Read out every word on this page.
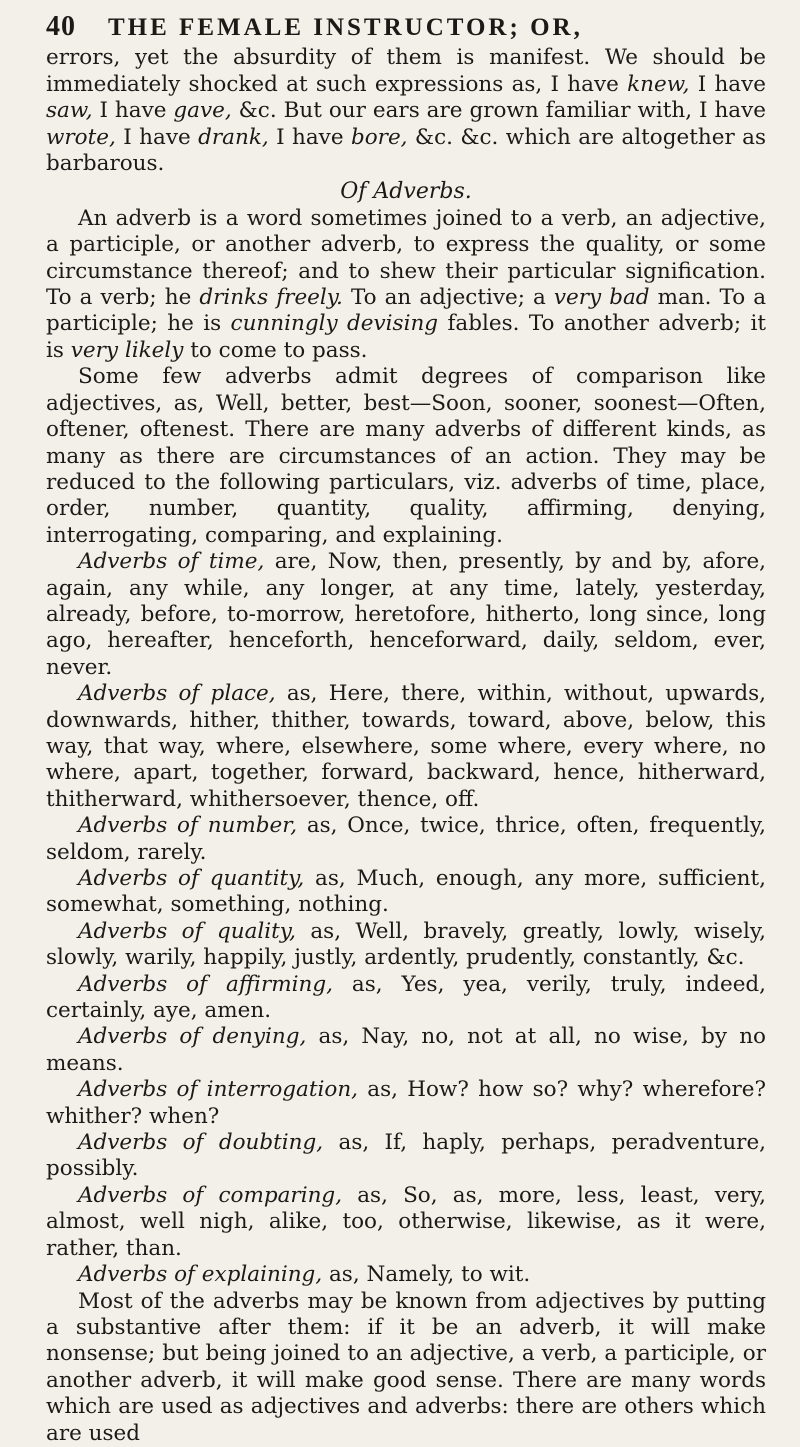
40	THE FEMALE INSTRUCTOR; OR,

errors, yet the absurdity of them is manifest. We should be immediately shocked at such expressions as, I have knew, I have saw, I have gave, &c. But our ears are grown familiar with, I have wrote, I have drank, I have bore, &c. &c. which are altogether as barbarous.

Of Adverbs.

An adverb is a word sometimes joined to a verb, an adjective, a participle, or another adverb, to express the quality, or some circumstance thereof; and to shew their particular signification. To a verb; he drinks freely. To an adjective; a very bad man. To a participle; he is cunningly devising fables. To another adverb; it is very likely to come to pass.

Some few adverbs admit degrees of comparison like adjectives, as, Well, better, best—Soon, sooner, soonest—Often, oftener, oftenest. There are many adverbs of different kinds, as many as there are circumstances of an action. They may be reduced to the following particulars, viz. adverbs of time, place, order, number, quantity, quality, affirming, denying, interrogating, comparing, and explaining.

Adverbs of time, are, Now, then, presently, by and by, afore, again, any while, any longer, at any time, lately, yesterday, already, before, to-morrow, heretofore, hitherto, long since, long ago, hereafter, henceforth, henceforward, daily, seldom, ever, never.

Adverbs of place, as, Here, there, within, without, upwards, downwards, hither, thither, towards, toward, above, below, this way, that way, where, elsewhere, some where, every where, no where, apart, together, forward, backward, hence, hitherward, thitherward, whithersoever, thence, off.

Adverbs of number, as, Once, twice, thrice, often, frequently, seldom, rarely.

Adverbs of quantity, as, Much, enough, any more, sufficient, somewhat, something, nothing.

Adverbs of quality, as, Well, bravely, greatly, lowly, wisely, slowly, warily, happily, justly, ardently, prudently, constantly, &c.

Adverbs of affirming, as, Yes, yea, verily, truly, indeed, certainly, aye, amen.

Adverbs of denying, as, Nay, no, not at all, no wise, by no means.

Adverbs of interrogation, as, How? how so? why? wherefore? whither? when?

Adverbs of doubting, as, If, haply, perhaps, peradventure, possibly.

Adverbs of comparing, as, So, as, more, less, least, very, almost, well nigh, alike, too, otherwise, likewise, as it were, rather, than.

Adverbs of explaining, as, Namely, to wit.

Most of the adverbs may be known from adjectives by putting a substantive after them: if it be an adverb, it will make nonsense; but being joined to an adjective, a verb, a participle, or another adverb, it will make good sense. There are many words which are used as adjectives and adverbs: there are others which are used
